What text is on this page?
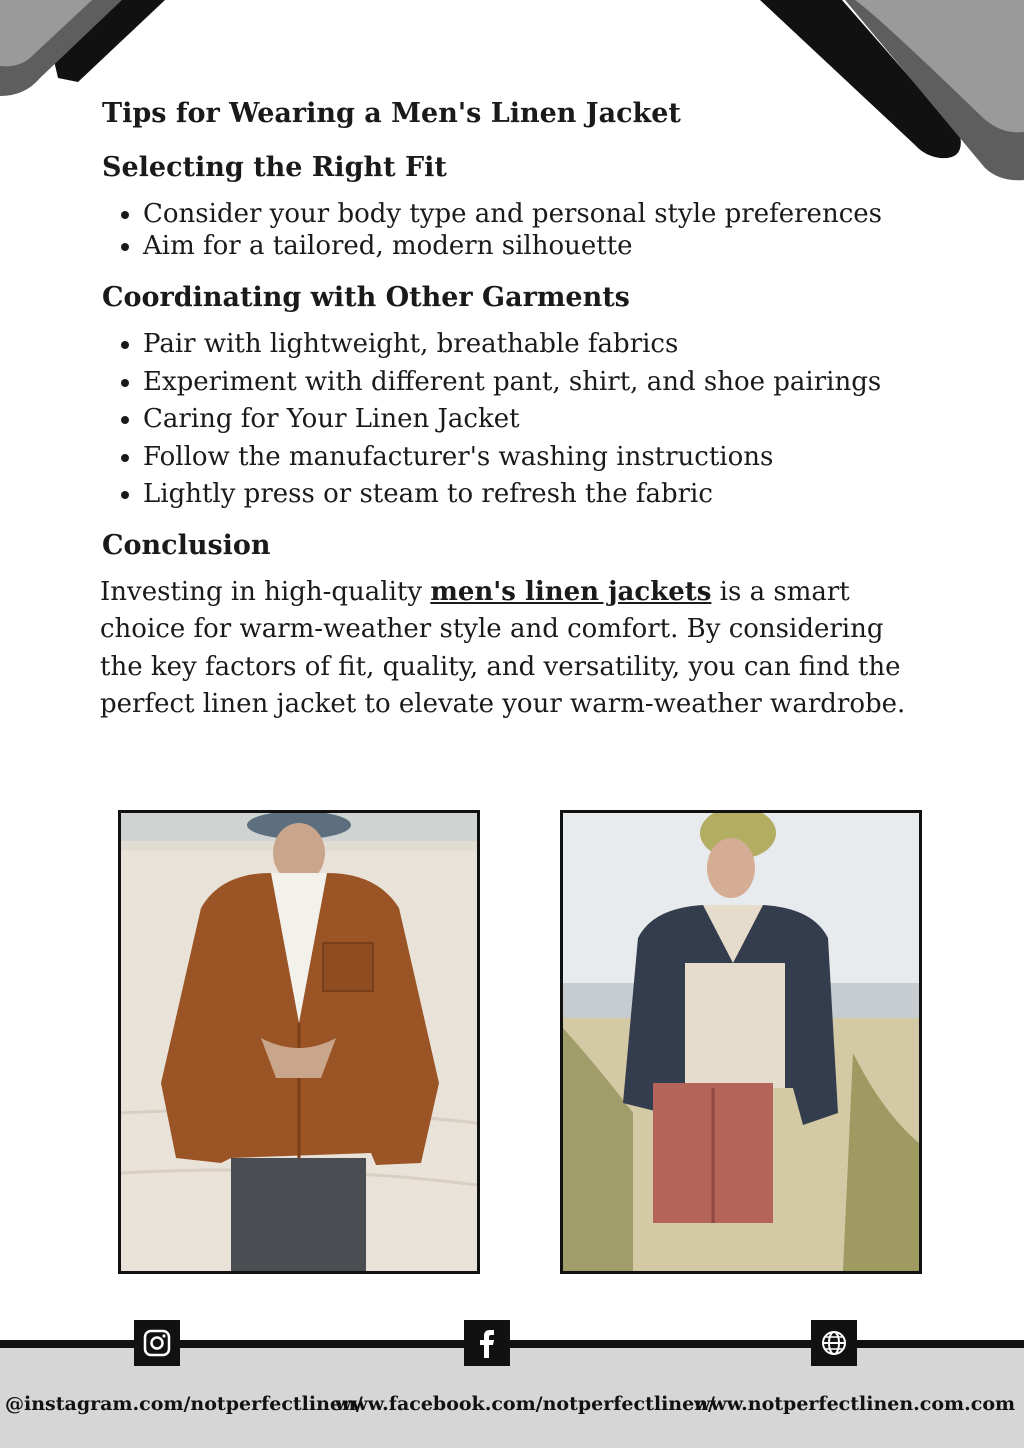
Tips for Wearing a Men's Linen Jacket
Selecting the Right Fit
• Consider your body type and personal style preferences
• Aim for a tailored, modern silhouette
Coordinating with Other Garments
• Pair with lightweight, breathable fabrics
• Experiment with different pant, shirt, and shoe pairings
• Caring for Your Linen Jacket
• Follow the manufacturer's washing instructions
• Lightly press or steam to refresh the fabric
Conclusion

Investing in high-quality men's linen jackets is a smart choice for warm-weather style and comfort. By considering the key factors of fit, quality, and versatility, you can find the perfect linen jacket to elevate your warm-weather wardrobe.

@instagram.com/notperfectlinen/
www.facebook.com/notperfectlinen/
www.notperfectlinen.com.com
